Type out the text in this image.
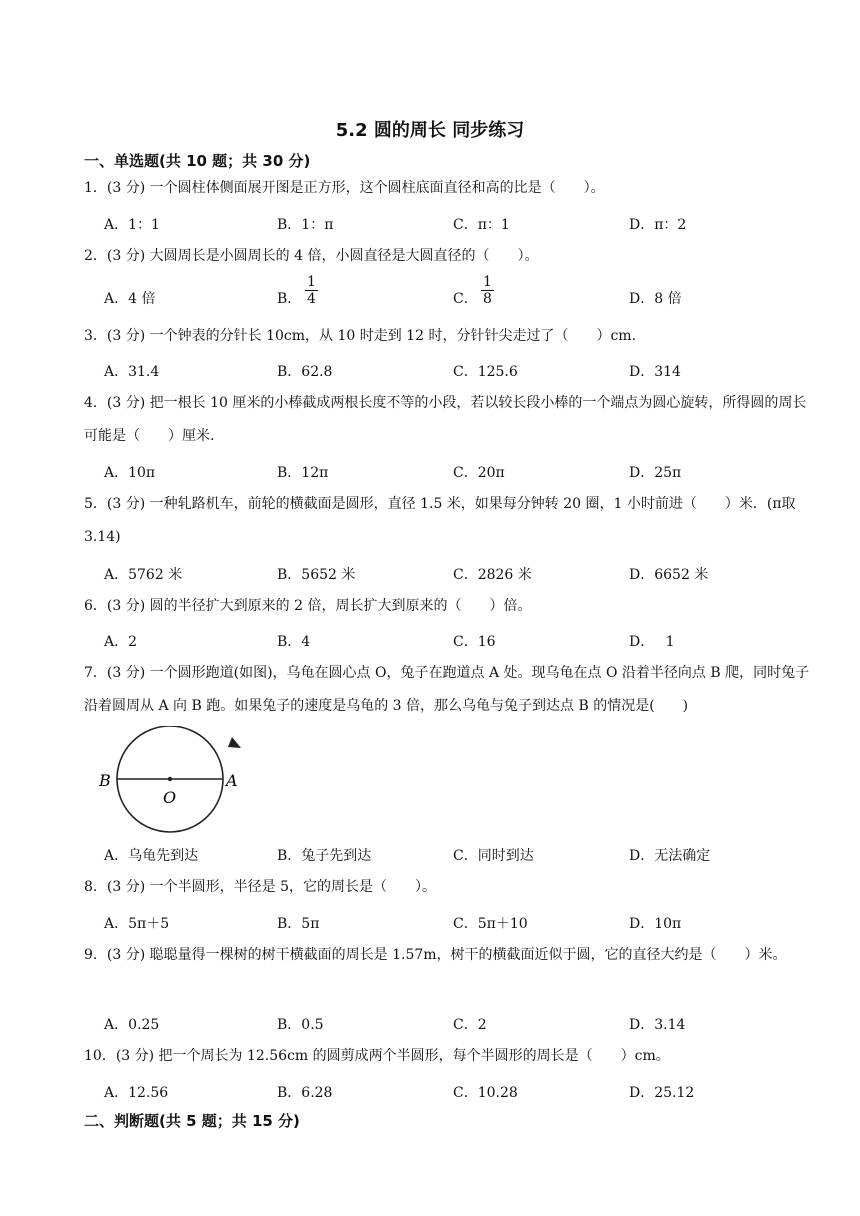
5.2 圆的周长 同步练习
一、单选题(共 10 题；共 30 分)
1．(3 分) 一个圆柱体侧面展开图是正方形，这个圆柱底面直径和高的比是（　　）。
A．1：1	B．1：π	C．π：1	D．π：2
2．(3 分) 大圆周长是小圆周长的 4 倍，小圆直径是大圆直径的（　　）。
A．4 倍	B． $\frac{1}{4}$	C． $\frac{1}{8}$	D．8 倍
3．(3 分) 一个钟表的分针长 10cm，从 10 时走到 12 时，分针针尖走过了（　　）cm.
A．31.4	B．62.8	C．125.6	D．314
4．(3 分) 把一根长 10 厘米的小棒截成两根长度不等的小段，若以较长段小棒的一个端点为圆心旋转，所得圆的周长可能是（　　）厘米.
A．10π	B．12π	C．20π	D．25π
5．(3 分) 一种轧路机车，前轮的横截面是圆形，直径 1.5 米，如果每分钟转 20 圈，1 小时前进（　　）米．(π取 3.14)
A．5762 米	B．5652 米	C．2826 米	D．6652 米
6．(3 分) 圆的半径扩大到原来的 2 倍，周长扩大到原来的（　　）倍。
A．2	B．4	C．16	D．　 1
7．(3 分) 一个圆形跑道(如图)，乌龟在圆心点 O，兔子在跑道点 A 处。现乌龟在点 O 沿着半径向点 B 爬，同时兔子沿着圆周从 A 向 B 跑。如果兔子的速度是乌龟的 3 倍，那么乌龟与兔子到达点 B 的情况是(　　)
B
O
A
A．乌龟先到达	B．兔子先到达	C．同时到达	D．无法确定
8．(3 分) 一个半圆形，半径是 5，它的周长是（　　）。
A．5π＋5	B．5π	C．5π＋10	D．10π
9．(3 分) 聪聪量得一棵树的树干横截面的周长是 1.57m，树干的横截面近似于圆，它的直径大约是（　　）米。
A．0.25	B．0.5	C．2	D．3.14
10．(3 分) 把一个周长为 12.56cm 的圆剪成两个半圆形，每个半圆形的周长是（　　）cm。
A．12.56	B．6.28	C．10.28	D．25.12
二、判断题(共 5 题；共 15 分)
